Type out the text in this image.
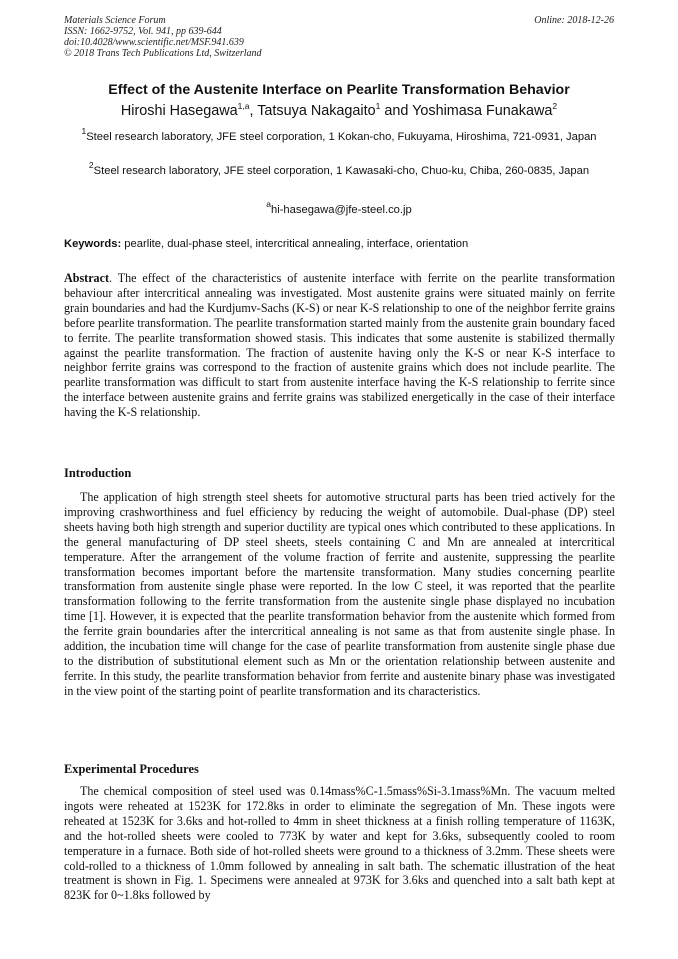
Materials Science Forum
ISSN: 1662-9752, Vol. 941, pp 639-644
doi:10.4028/www.scientific.net/MSF.941.639
© 2018 Trans Tech Publications Ltd, Switzerland
Online: 2018-12-26
Effect of the Austenite Interface on Pearlite Transformation Behavior
Hiroshi Hasegawa$^{1,a}$, Tatsuya Nakagaito$^1$ and Yoshimasa Funakawa$^2$
$^1$Steel research laboratory, JFE steel corporation, 1 Kokan-cho, Fukuyama, Hiroshima, 721-0931, Japan
$^2$Steel research laboratory, JFE steel corporation, 1 Kawasaki-cho, Chuo-ku, Chiba, 260-0835, Japan
$^a$hi-hasegawa@jfe-steel.co.jp
Keywords: pearlite, dual-phase steel, intercritical annealing, interface, orientation
Abstract. The effect of the characteristics of austenite interface with ferrite on the pearlite transformation behaviour after intercritical annealing was investigated. Most austenite grains were situated mainly on ferrite grain boundaries and had the Kurdjumv-Sachs (K-S) or near K-S relationship to one of the neighbor ferrite grains before pearlite transformation. The pearlite transformation started mainly from the austenite grain boundary faced to ferrite. The pearlite transformation showed stasis. This indicates that some austenite is stabilized thermally against the pearlite transformation. The fraction of austenite having only the K-S or near K-S interface to neighbor ferrite grains was correspond to the fraction of austenite grains which does not include pearlite. The pearlite transformation was difficult to start from austenite interface having the K-S relationship to ferrite since the interface between austenite grains and ferrite grains was stabilized energetically in the case of their interface having the K-S relationship.
Introduction
The application of high strength steel sheets for automotive structural parts has been tried actively for the improving crashworthiness and fuel efficiency by reducing the weight of automobile. Dual-phase (DP) steel sheets having both high strength and superior ductility are typical ones which contributed to these applications. In the general manufacturing of DP steel sheets, steels containing C and Mn are annealed at intercritical temperature. After the arrangement of the volume fraction of ferrite and austenite, suppressing the pearlite transformation becomes important before the martensite transformation. Many studies concerning pearlite transformation from austenite single phase were reported. In the low C steel, it was reported that the pearlite transformation following to the ferrite transformation from the austenite single phase displayed no incubation time [1]. However, it is expected that the pearlite transformation behavior from the austenite which formed from the ferrite grain boundaries after the intercritical annealing is not same as that from austenite single phase. In addition, the incubation time will change for the case of pearlite transformation from austenite single phase due to the distribution of substitutional element such as Mn or the orientation relationship between austenite and ferrite. In this study, the pearlite transformation behavior from ferrite and austenite binary phase was investigated in the view point of the starting point of pearlite transformation and its characteristics.
Experimental Procedures
The chemical composition of steel used was 0.14mass%C-1.5mass%Si-3.1mass%Mn. The vacuum melted ingots were reheated at 1523K for 172.8ks in order to eliminate the segregation of Mn. These ingots were reheated at 1523K for 3.6ks and hot-rolled to 4mm in sheet thickness at a finish rolling temperature of 1163K, and the hot-rolled sheets were cooled to 773K by water and kept for 3.6ks, subsequently cooled to room temperature in a furnace. Both side of hot-rolled sheets were ground to a thickness of 3.2mm. These sheets were cold-rolled to a thickness of 1.0mm followed by annealing in salt bath. The schematic illustration of the heat treatment is shown in Fig. 1. Specimens were annealed at 973K for 3.6ks and quenched into a salt bath kept at 823K for 0~1.8ks followed by
